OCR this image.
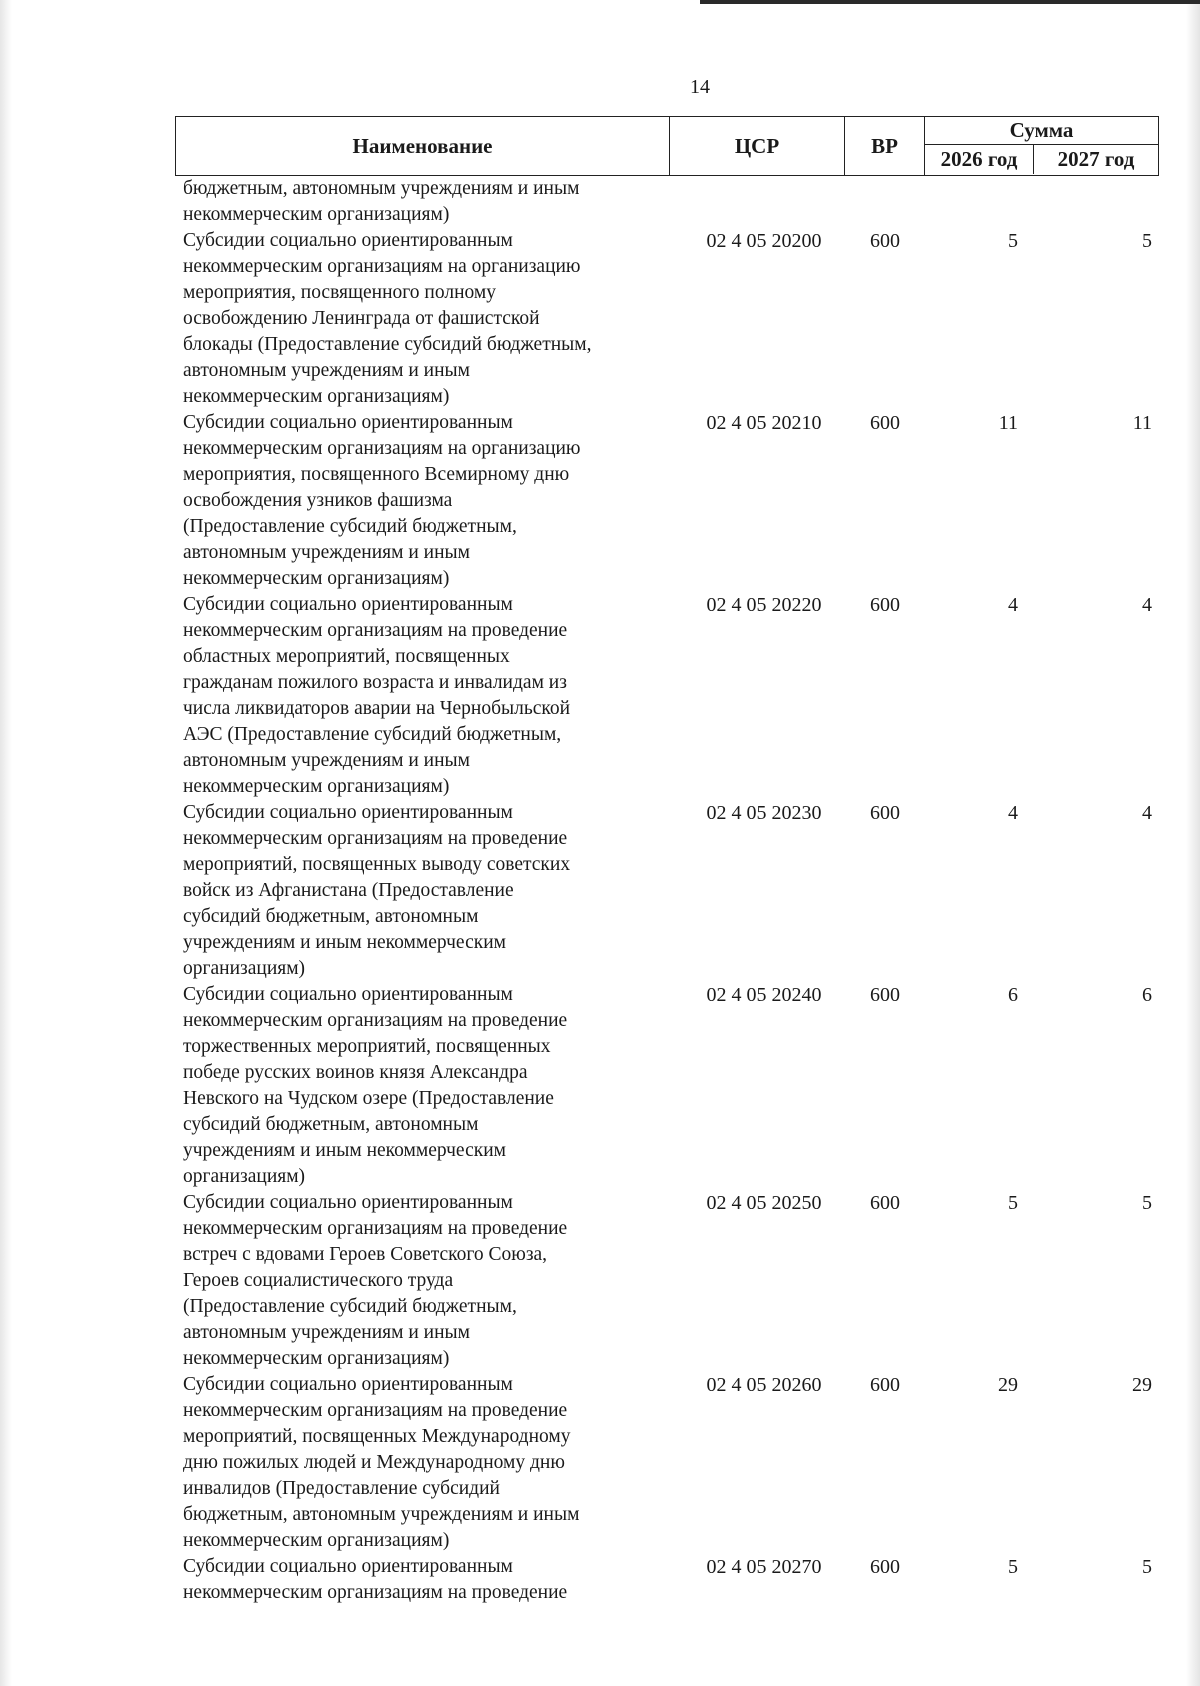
14
Наименование	ЦСР	ВР
Сумма
2026 год	2027 год
бюджетным, автономным учреждениям и иным
некоммерческим организациям)
Субсидии социально ориентированным
некоммерческим организациям на организацию
мероприятия, посвященного полному
освобождению Ленинграда от фашистской
блокады (Предоставление субсидий бюджетным,
автономным учреждениям и иным
некоммерческим организациям)
02 4 05 20200	600	5	5
Субсидии социально ориентированным
некоммерческим организациям на организацию
мероприятия, посвященного Всемирному дню
освобождения узников фашизма
(Предоставление субсидий бюджетным,
автономным учреждениям и иным
некоммерческим организациям)
02 4 05 20210	600	11	11
Субсидии социально ориентированным
некоммерческим организациям на проведение
областных мероприятий, посвященных
гражданам пожилого возраста и инвалидам из
числа ликвидаторов аварии на Чернобыльской
АЭС (Предоставление субсидий бюджетным,
автономным учреждениям и иным
некоммерческим организациям)
02 4 05 20220	600	4	4
Субсидии социально ориентированным
некоммерческим организациям на проведение
мероприятий, посвященных выводу советских
войск из Афганистана (Предоставление
субсидий бюджетным, автономным
учреждениям и иным некоммерческим
организациям)
02 4 05 20230	600	4	4
Субсидии социально ориентированным
некоммерческим организациям на проведение
торжественных мероприятий, посвященных
победе русских воинов князя Александра
Невского на Чудском озере (Предоставление
субсидий бюджетным, автономным
учреждениям и иным некоммерческим
организациям)
02 4 05 20240	600	6	6
Субсидии социально ориентированным
некоммерческим организациям на проведение
встреч с вдовами Героев Советского Союза,
Героев социалистического труда
(Предоставление субсидий бюджетным,
автономным учреждениям и иным
некоммерческим организациям)
02 4 05 20250	600	5	5
Субсидии социально ориентированным
некоммерческим организациям на проведение
мероприятий, посвященных Международному
дню пожилых людей и Международному дню
инвалидов (Предоставление субсидий
бюджетным, автономным учреждениям и иным
некоммерческим организациям)
02 4 05 20260	600	29	29
Субсидии социально ориентированным
некоммерческим организациям на проведение
02 4 05 20270	600	5	5
